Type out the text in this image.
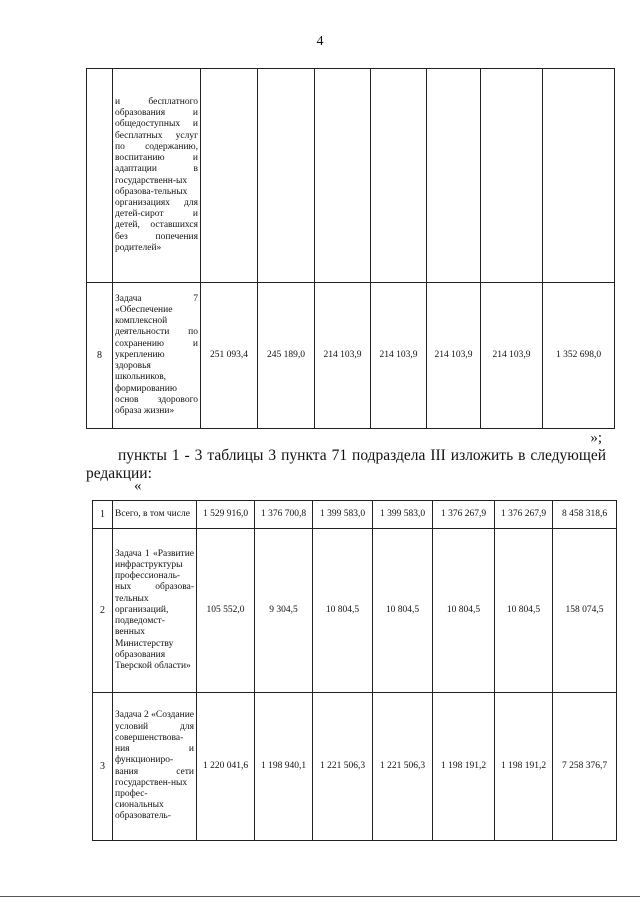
4
	и бесплатного образования и общедоступных и бесплатных услуг по содержанию, воспитанию и адаптации в государственн-ых образова-тельных организациях для детей-сирот и детей, оставшихся без попечения родителей»							
8	Задача 7 «Обеспечение комплексной деятельности по сохранению и укреплению здоровья школьников, формированию основ здорового образа жизни»	251 093,4	245 189,0	214 103,9	214 103,9	214 103,9	214 103,9	1 352 698,0
»;
пункты 1 - 3 таблицы 3 пункта 71 подраздела III изложить в следующей редакции:
«
1	Всего, в том числе	1 529 916,0	1 376 700,8	1 399 583,0	1 399 583,0	1 376 267,9	1 376 267,9	8 458 318,6
2	Задача 1 «Развитие инфраструктуры профессиональ-ных образова-тельных организаций, подведомст-венных Министерству образования Тверской области»	105 552,0	9 304,5	10 804,5	10 804,5	10 804,5	10 804,5	158 074,5
3	Задача 2 «Создание условий для совершенствова-ния и функциониро-вания сети государствен-ных профес-сиональных образователь-	1 220 041,6	1 198 940,1	1 221 506,3	1 221 506,3	1 198 191,2	1 198 191,2	7 258 376,7
